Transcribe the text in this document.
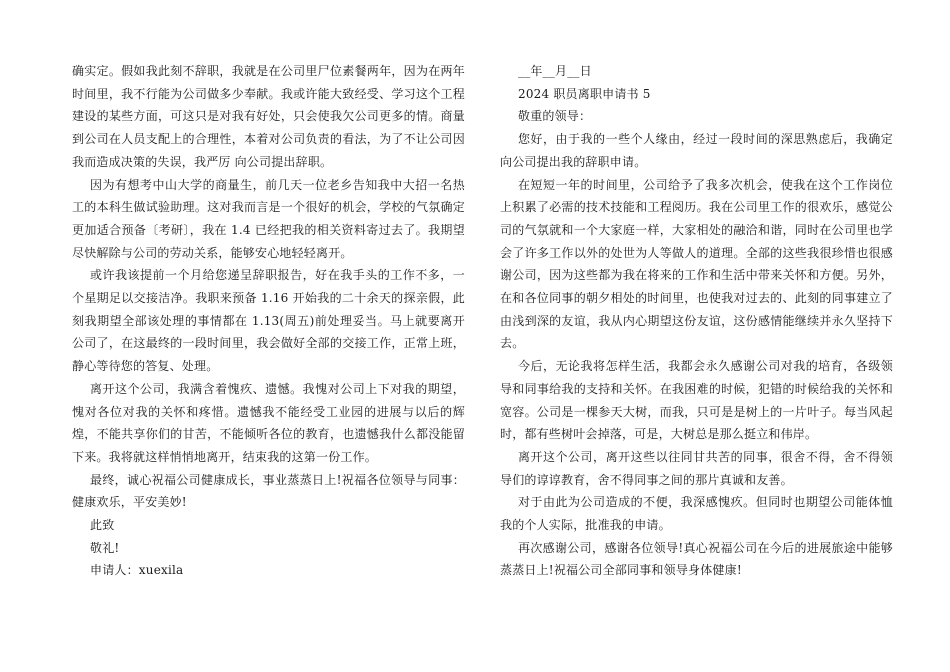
确实定。假如我此刻不辞职，我就是在公司里尸位素餐两年，因为在两年时间里，我不行能为公司做多少奉献。我或许能大致经受、学习这个工程建设的某些方面，可这只是对我有好处，只会使我欠公司更多的情。商量到公司在人员支配上的合理性，本着对公司负责的看法，为了不让公司因我而造成决策的失误，我严厉 向公司提出辞职。

因为有想考中山大学的商量生，前几天一位老乡告知我中大招一名热工的本科生做试验助理。这对我而言是一个很好的机会，学校的气氛确定更加适合预备〔考研〕，我在 1.4 已经把我的相关资料寄过去了。我期望尽快解除与公司的劳动关系，能够安心地轻轻离开。

或许我该提前一个月给您递呈辞职报告，好在我手头的工作不多，一个星期足以交接洁净。我职来预备 1.16 开始我的二十余天的探亲假，此刻我期望全部该处理的事情都在 1.13(周五)前处理妥当。马上就要离开公司了，在这最终的一段时间里，我会做好全部的交接工作，正常上班，静心等待您的答复、处理。

离开这个公司，我满含着愧疚、遗憾。我愧对公司上下对我的期望，愧对各位对我的关怀和疼惜。遗憾我不能经受工业园的进展与以后的辉煌，不能共享你们的甘苦，不能倾听各位的教育，也遗憾我什么都没能留下来。我将就这样悄悄地离开，结束我的这第一份工作。

最终，诚心祝福公司健康成长，事业蒸蒸日上!祝福各位领导与同事：健康欢乐，平安美妙!

此致

敬礼!

申请人：xuexila

__年__月__日

2024 职员离职申请书 5

敬重的领导：

您好，由于我的一些个人缘由，经过一段时间的深思熟虑后，我确定向公司提出我的辞职申请。

在短短一年的时间里，公司给予了我多次机会，使我在这个工作岗位上积累了必需的技术技能和工程阅历。我在公司里工作的很欢乐，感觉公司的气氛就和一个大家庭一样，大家相处的融洽和谐，同时在公司里也学会了许多工作以外的处世为人等做人的道理。全部的这些我很珍惜也很感谢公司，因为这些都为我在将来的工作和生活中带来关怀和方便。另外，在和各位同事的朝夕相处的时间里，也使我对过去的、此刻的同事建立了由浅到深的友谊，我从内心期望这份友谊，这份感情能继续并永久坚持下去。

今后，无论我将怎样生活，我都会永久感谢公司对我的培育，各级领导和同事给我的支持和关怀。在我困难的时候，犯错的时候给我的关怀和宽容。公司是一棵参天大树，而我，只可是是树上的一片叶子。每当风起时，都有些树叶会掉落，可是，大树总是那么挺立和伟岸。

离开这个公司，离开这些以往同甘共苦的同事，很舍不得，舍不得领导们的谆谆教育，舍不得同事之间的那片真诚和友善。

对于由此为公司造成的不便，我深感愧疚。但同时也期望公司能体恤我的个人实际，批准我的申请。

再次感谢公司，感谢各位领导!真心祝福公司在今后的进展旅途中能够蒸蒸日上!祝福公司全部同事和领导身体健康!
